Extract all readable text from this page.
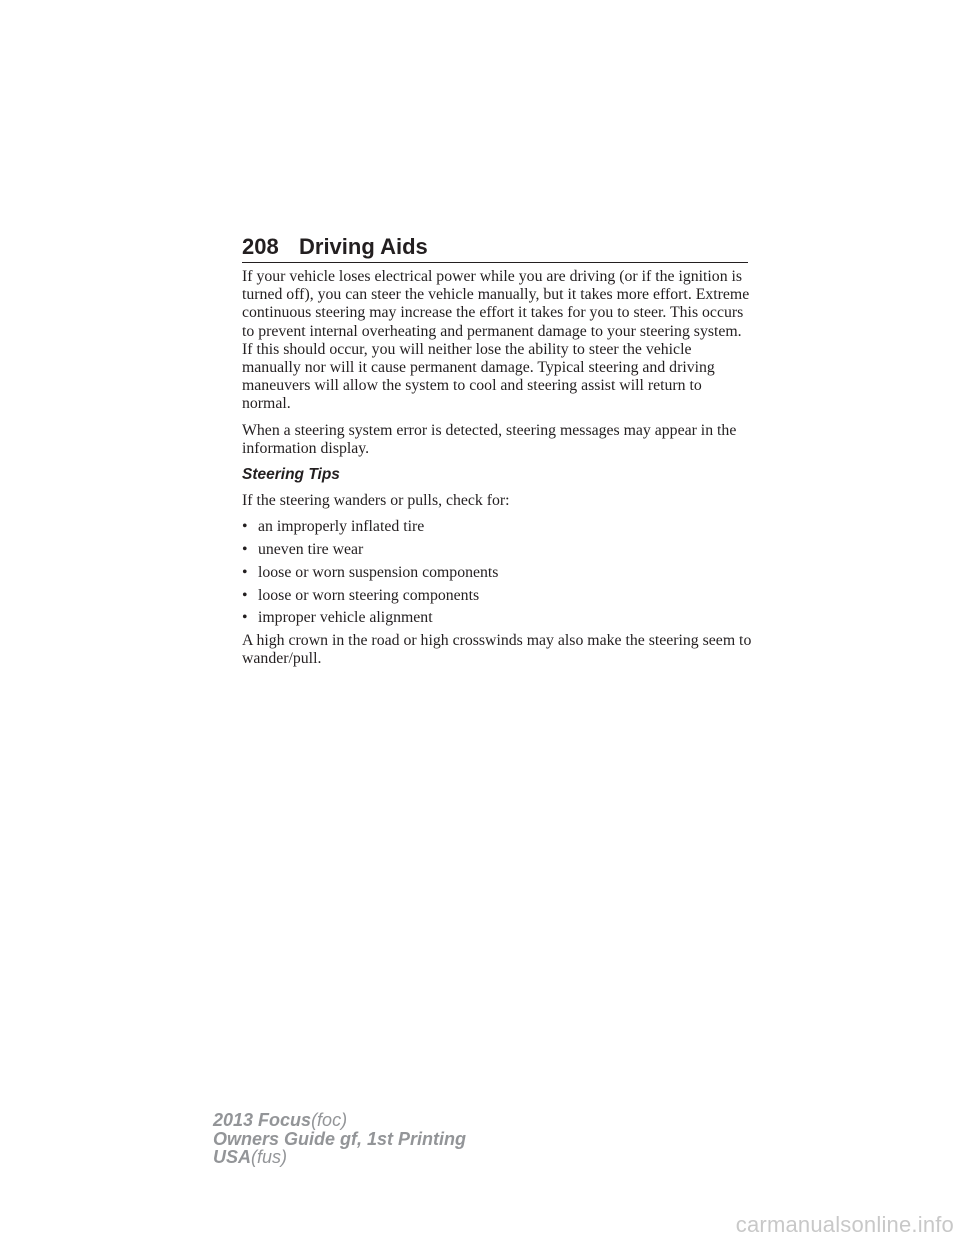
208 Driving Aids

If your vehicle loses electrical power while you are driving (or if the ignition is turned off), you can steer the vehicle manually, but it takes more effort. Extreme continuous steering may increase the effort it takes for you to steer. This occurs to prevent internal overheating and permanent damage to your steering system. If this should occur, you will neither lose the ability to steer the vehicle manually nor will it cause permanent damage. Typical steering and driving maneuvers will allow the system to cool and steering assist will return to normal.

When a steering system error is detected, steering messages may appear in the information display.

Steering Tips

If the steering wanders or pulls, check for:

• an improperly inflated tire
• uneven tire wear
• loose or worn suspension components
• loose or worn steering components
• improper vehicle alignment

A high crown in the road or high crosswinds may also make the steering seem to wander/pull.

2013 Focus(foc)
Owners Guide gf, 1st Printing
USA(fus)
carmanualsonline.info
